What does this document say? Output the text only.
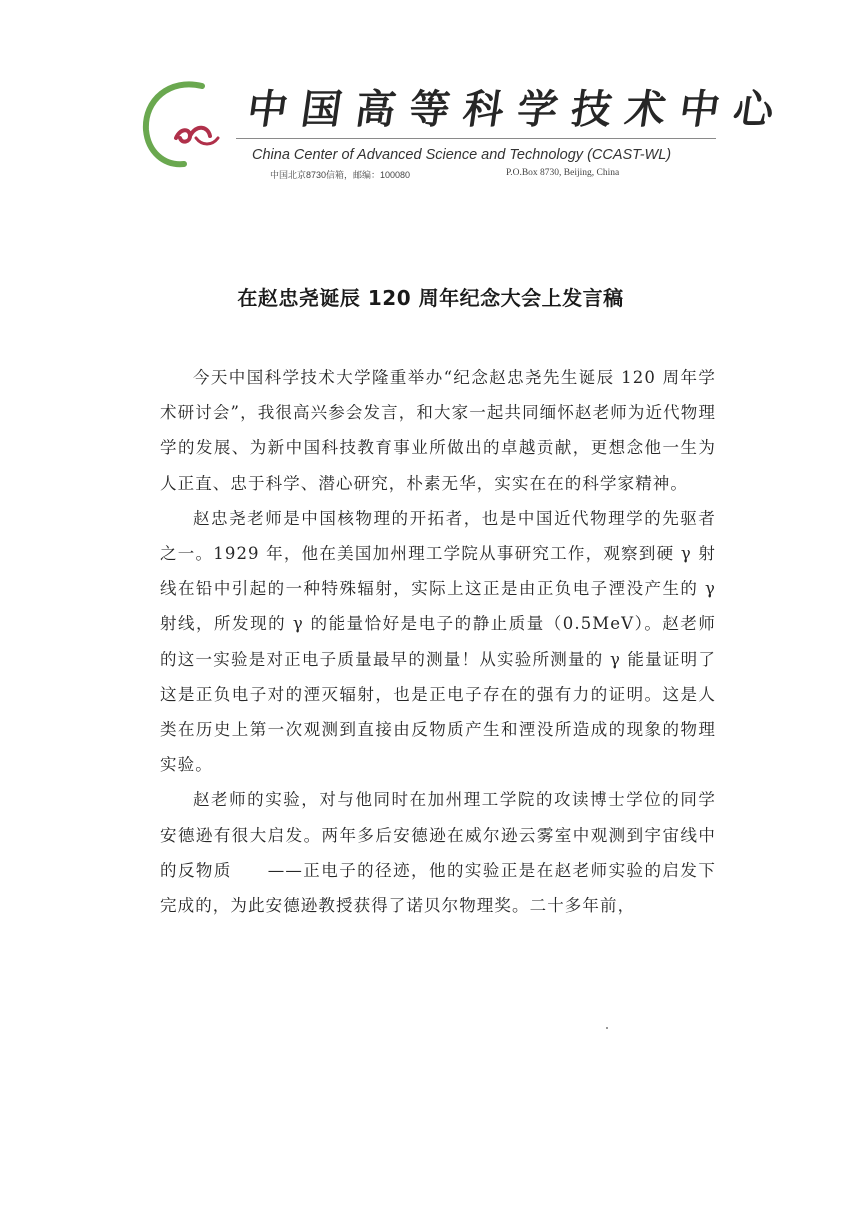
中国高等科学技术中心
China Center of Advanced Science and Technology (CCAST-WL)
中国北京8730信箱，邮编：100080	P.O.Box 8730, Beijing, China
在赵忠尧诞辰 120 周年纪念大会上发言稿

今天中国科学技术大学隆重举办“纪念赵忠尧先生诞辰 120 周年学术研讨会”，我很高兴参会发言，和大家一起共同缅怀赵老师为近代物理学的发展、为新中国科技教育事业所做出的卓越贡献，更想念他一生为人正直、忠于科学、潜心研究，朴素无华，实实在在的科学家精神。

赵忠尧老师是中国核物理的开拓者，也是中国近代物理学的先驱者之一。1929 年，他在美国加州理工学院从事研究工作，观察到硬 γ 射线在铅中引起的一种特殊辐射，实际上这正是由正负电子湮没产生的 γ 射线，所发现的 γ 的能量恰好是电子的静止质量（0.5MeV）。赵老师的这一实验是对正电子质量最早的测量！从实验所测量的 γ 能量证明了这是正负电子对的湮灭辐射，也是正电子存在的强有力的证明。这是人类在历史上第一次观测到直接由反物质产生和湮没所造成的现象的物理实验。

赵老师的实验，对与他同时在加州理工学院的攻读博士学位的同学安德逊有很大启发。两年多后安德逊在威尔逊云雾室中观测到宇宙线中的反物质　　——正电子的径迹，他的实验正是在赵老师实验的启发下完成的，为此安德逊教授获得了诺贝尔物理奖。二十多年前，
